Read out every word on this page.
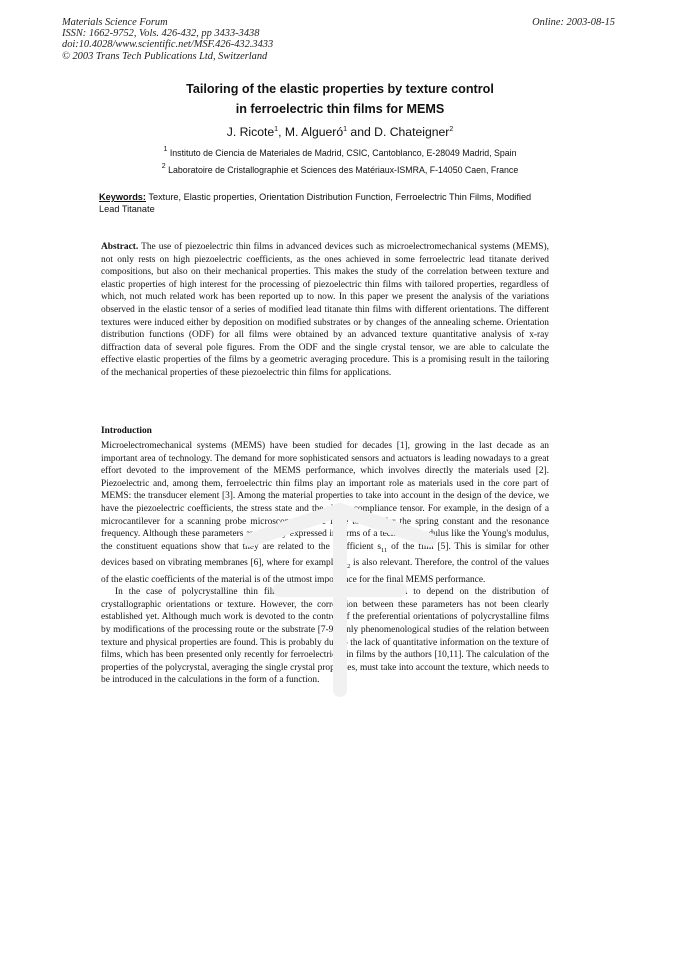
Materials Science Forum
ISSN: 1662-9752, Vols. 426-432, pp 3433-3438
doi:10.4028/www.scientific.net/MSF.426-432.3433
© 2003 Trans Tech Publications Ltd, Switzerland
Online: 2003-08-15
Tailoring of the elastic properties by texture control
in ferroelectric thin films for MEMS
J. Ricote$^1$, M. Algueró$^1$ and D. Chateigner$^2$
$^1$ Instituto de Ciencia de Materiales de Madrid, CSIC, Cantoblanco, E-28049 Madrid, Spain
$^2$ Laboratoire de Cristallographie et Sciences des Matériaux-ISMRA, F-14050 Caen, France
Keywords: Texture, Elastic properties, Orientation Distribution Function, Ferroelectric Thin Films, Modified Lead Titanate
Abstract. The use of piezoelectric thin films in advanced devices such as microelectromechanical systems (MEMS), not only rests on high piezoelectric coefficients, as the ones achieved in some ferroelectric lead titanate derived compositions, but also on their mechanical properties. This makes the study of the correlation between texture and elastic properties of high interest for the processing of piezoelectric thin films with tailored properties, regardless of which, not much related work has been reported up to now. In this paper we present the analysis of the variations observed in the elastic tensor of a series of modified lead titanate thin films with different orientations. The different textures were induced either by deposition on modified substrates or by changes of the annealing scheme. Orientation distribution functions (ODF) for all films were obtained by an advanced texture quantitative analysis of x-ray diffraction data of several pole figures. From the ODF and the single crystal tensor, we are able to calculate the effective elastic properties of the films by a geometric averaging procedure. This is a promising result in the tailoring of the mechanical properties of these piezoelectric thin films for applications.
Introduction

Microelectromechanical systems (MEMS) have been studied for decades [1], growing in the last decade as an important area of technology. The demand for more sophisticated sensors and actuators is leading nowadays to a great effort devoted to the improvement of the MEMS performance, which involves directly the materials used [2]. Piezoelectric and, among them, ferroelectric thin films play an important role as materials used in the core part of MEMS: the transducer element [3]. Among the material properties to take into account in the design of the device, we have the piezoelectric coefficients, the stress state and the elastic compliance tensor. For example, in the design of a microcantilever for a scanning probe microscope [4], we have to consider the spring constant and the resonance frequency. Although these parameters are usually expressed in terms of a technical modulus like the Young's modulus, the constituent equations show that they are related to the coefficient $s_{11}$ of the film [5]. This is similar for other devices based on vibrating membranes [6], where for example $s_{12}$ is also relevant. Therefore, the control of the values of the elastic coefficients of the material is of the utmost importance for the final MEMS performance.

In the case of polycrystalline thin films, elastic properties are known to depend on the distribution of crystallographic orientations or texture. However, the correlation between these parameters has not been clearly established yet. Although much work is devoted to the control of the preferential orientations of polycrystalline films by modifications of the processing route or the substrate [7-9], only phenomenological studies of the relation between texture and physical properties are found. This is probably due to the lack of quantitative information on the texture of films, which has been presented only recently for ferroelectric thin films by the authors [10,11]. The calculation of the properties of the polycrystal, averaging the single crystal properties, must take into account the texture, which needs to be introduced in the calculations in the form of a function.
